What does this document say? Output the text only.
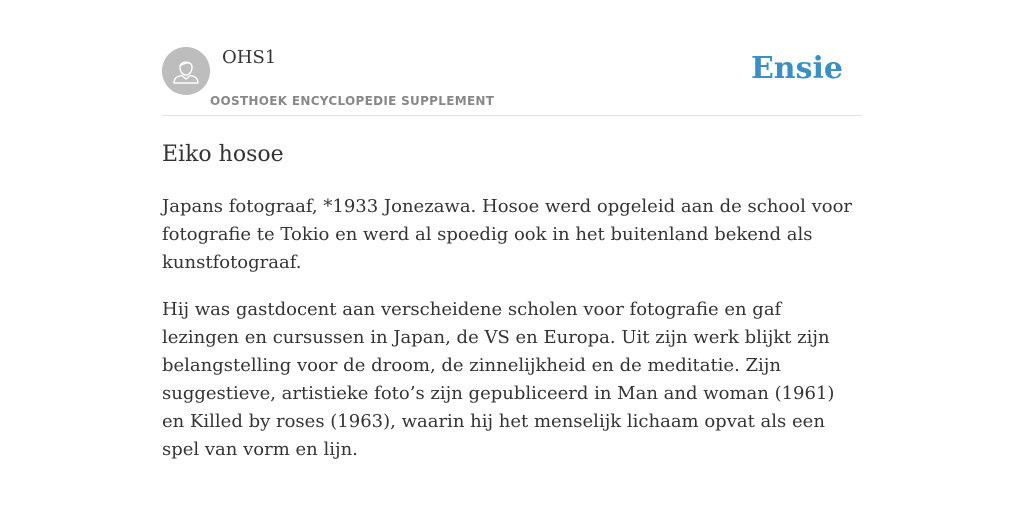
OHS1
OOSTHOEK ENCYCLOPEDIE SUPPLEMENT
Ensie
Eiko hosoe

Japans fotograaf, *1933 Jonezawa. Hosoe werd opgeleid aan de school voor fotografie te Tokio en werd al spoedig ook in het buitenland bekend als kunstfotograaf.

Hij was gastdocent aan verscheidene scholen voor fotografie en gaf lezingen en cursussen in Japan, de VS en Europa. Uit zijn werk blijkt zijn belangstelling voor de droom, de zinnelijkheid en de meditatie. Zijn suggestieve, artistieke foto’s zijn gepubliceerd in Man and woman (1961) en Killed by roses (1963), waarin hij het menselijk lichaam opvat als een spel van vorm en lijn.
